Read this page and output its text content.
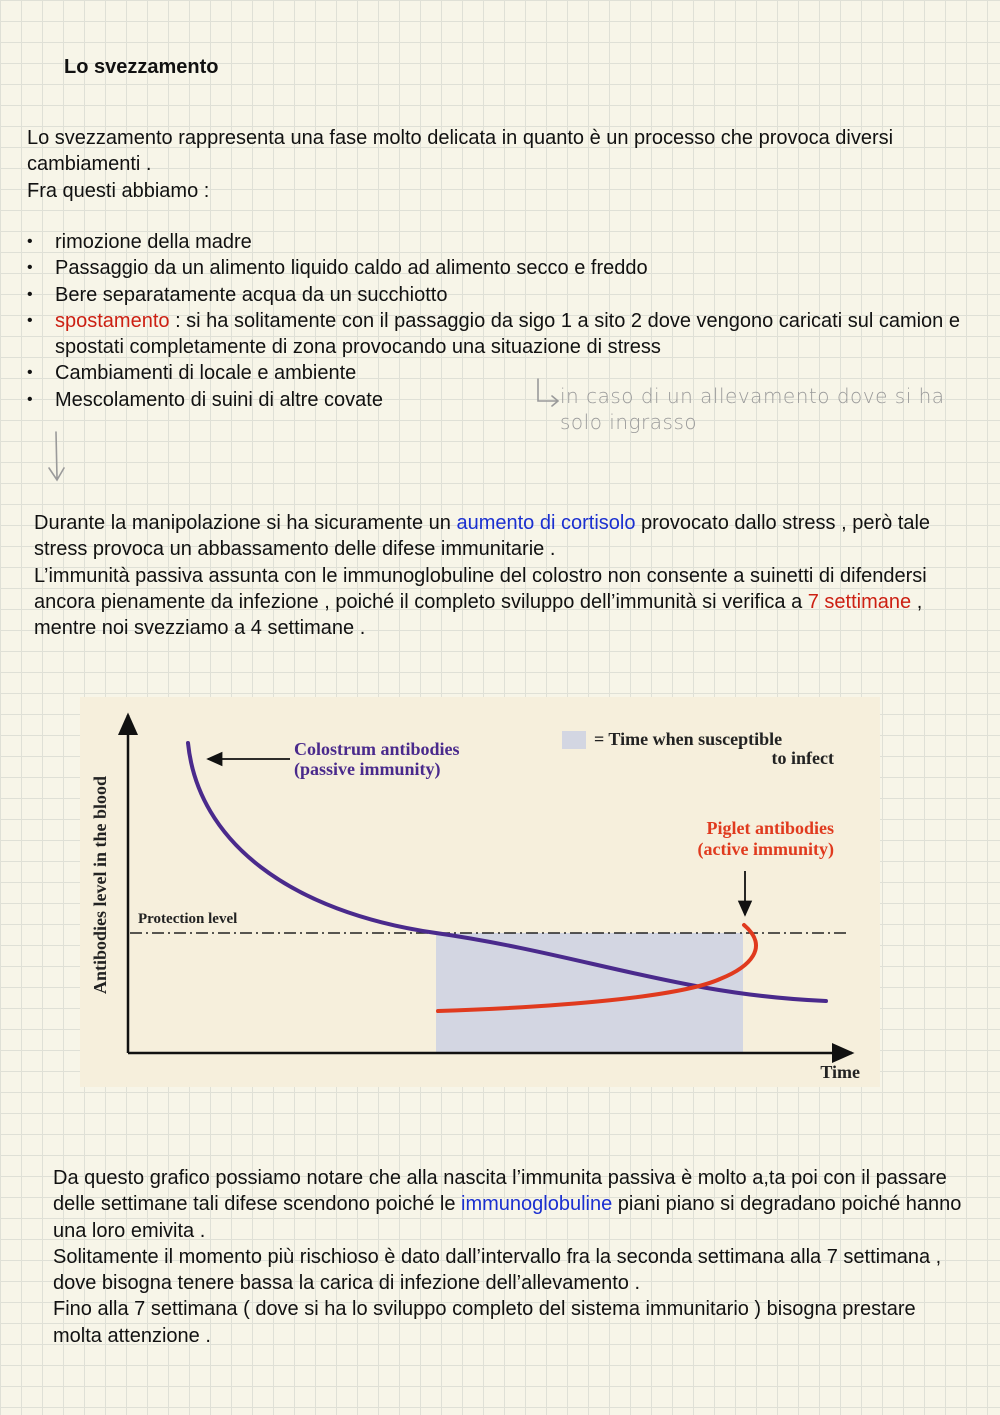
Lo svezzamento
Lo svezzamento rappresenta una fase molto delicata in quanto è un processo che provoca diversi cambiamenti .
Fra questi abbiamo :
• rimozione della madre
• Passaggio da un alimento liquido caldo ad alimento secco e freddo
• Bere separatamente acqua da un succhiotto
• spostamento : si ha solitamente con il passaggio da sigo 1 a sito 2 dove vengono caricati sul camion e spostati completamente di zona provocando una situazione di stress
• Cambiamenti di locale e ambiente
• Mescolamento di suini di altre covate	in caso di un allevamento dove si ha
solo ingrasso
Durante la manipolazione si ha sicuramente un aumento di cortisolo provocato dallo stress , però tale stress provoca un abbassamento delle difese immunitarie .
L’immunità passiva assunta con le immunoglobuline del colostro non consente a suinetti di difendersi ancora pienamente da infezione , poiché il completo sviluppo dell’immunità si verifica a 7 settimane , mentre noi svezziamo a 4 settimane .
Protection level
Colostrum antibodies
(passive immunity)
= Time when susceptible
to infect
Piglet antibodies
(active immunity)
Time
Antibodies level in the blood
Da questo grafico possiamo notare che alla nascita l’immunita passiva è molto a,ta poi con il passare delle settimane tali difese scendono poiché le immunoglobuline piani piano si degradano poiché hanno una loro emivita .
Solitamente il momento più rischioso è dato dall’intervallo fra la seconda settimana alla 7 settimana , dove bisogna tenere bassa la carica di infezione dell’allevamento .
Fino alla 7 settimana ( dove si ha lo sviluppo completo del sistema immunitario ) bisogna prestare molta attenzione .
